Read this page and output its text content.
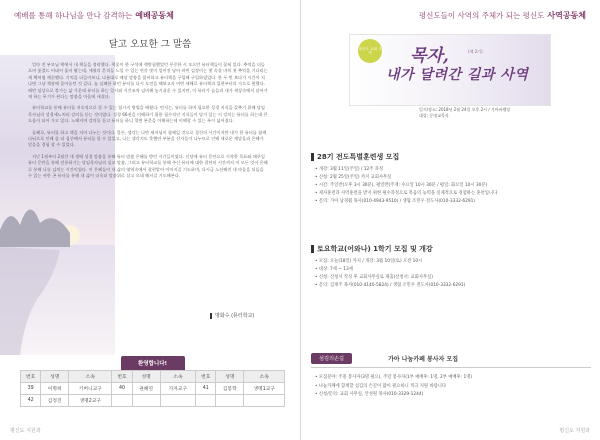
예배를 통해 하나님을 만나 감격하는 예배공동체
달고 오묘한 그 말씀

얼마 전 부모님 댁에서 내 책들을 정리했다. 책꽂이 한 구석에 책받침했었던 꾸중한 시 모으던 뮤터책들이 꽂혀 있다. 추억을 더듬으며 꽃겼드 어네어 훑어 봤는데, 세월의 흔적들 느낄 수 있는 연갓 빛이 얼어진 남아 바린 김정이는 몇 속살 마치 첫 추억을 기다리는 새 핵처럼 깨끗했다. 기억을 더듬어보니, 나름대로 매달 말씀을 읽어하고 뮤터책을 구입해 구입하였었다. 한 두 번 보다가 시간이 지나면 그냥 책장에 꽂아놓던 것 같다. 늘 실패한 하던 뮤터를 다시 도전을 해보고자 어번 새해로 뮤터책과 입편부터의 가으로 원했다. 매번 임상으로 불가는 삶 가운데 뮤터를 하는 일시와 시간조차 넘비해 놓기쉬운 수 있지만, 이 뮤터가 습들과 내가 세상속에서 살아가게 하는 무기가 된다는 말씀을 마음에 새겼다.

뮤터학교를 통해 뮤터를 지속적으로 할 수 있는 힘가지 방법을 배웠다. 먼저는, 뮤터를 하며 필요한 성경 지식을 갖추기 위해 당임목사님의 성경세느처리 강의를 듣는 것이였다. 성경 66권을 이해하기 위한 필수적인 지식들이 담겨 있는 이 강의는 뮤터를 하는데 큰 도움이 되어 가고 있다. 노해지며 강의를 듣고 뮤터를 하니 혈면 본문을 이해하는데 이해할 수 있는 폭이 넓어졌다.

둘째로, 뮤터를 하고 책을 지어 나누는 것이다. 물론, 생각는 나만 새서님이 함께일 것으로 경건의 시간이지만 내가 한 뮤터를 함께 나눠으로 인해 좀 더 집중해서 뮤터를 할 수 있었고, 나는 생각지도 못했던 부분을 신자들이 나누므로 인해 새로운 깨달음과 은혜가 얻을을 경험 할 수 있었다.

지난 1월부터 2월간 내 생에 성경 말씀을 통해 뮤터 말씀 은혜를 받던 시간들이였다. 신당에 뮤터 문란으로 시작한 목표와 매주일 뮤터 문란을 통해 전통하기는 당임목사님의 실교 말씀, 그리고 뮤터학교를 통해 주신 뮤터에 대한 결단의 시간까지 이 모든 것이 은혜로 통해 나를 넘치는 시간이였다. 이 은혜들이 내 삶의 영역속에서 잘현알어 이어지길 기도하며, 다시금 노선해진 내 마음을 되돌을 수 있는 귀한 곤 뮤터를 통해 내 삶이 더욱더 말씀위로 살고 오네 해지길 기도해본다.

명화수 (뮤터학교)
환영합니다!
번호	성명	소속	번호	성명	소속	번호	성명	소속
39	이명희	기버니교구	40	권혜연	가자교구	41	김봉학	생명1교구
42	김정진	생명2교구						
평신도 지원과
평신도들이 사역의 주체가 되는 평신도 사역공동체
평신도 교회 사역	목자,	(제 2기)
내가 달려간 길과 사역
일시/장소: 2018년 2월 24일 오후 2시 / 가아바벨당
대상: 동명교목자
28기 전도특별훈련생 모집
• 개강: 3월 11일(주일) / 12주 과정
• 신청: 2월 25일(주일) 까지 교회사무실
• 시간: 주일반(오후 3시 30분), 평일반(주재: 수요일 10시 30분 / 평일: 화요일 10시 30분)
• 제자훈련과 사역훈련을 받지 위한 필수과정으로 복음의 능력을 실제적으로 경험하는 훈련입니다
• 문의: 가아 남경월 목사(010-4943-9510) / 생협 조민우 전도사(010-3332-6291)
토요학교(어와나) 1학기 모집 및 개강
• 모집: 오늘(18일) 까지 / 개강: 3월 10일(토) 오전 10시
• 대상: 7세 ~ 13세
• 신청: 신청서 작성 후 교회사무실로 제출(신청서: 교회사무실)
• 문의: 김재주 목사(010-4140-5824) / 생협 조민우 전도사(010-3332-6291)
섬김의손길	가아 나눔카페 봉사자 모집
• 모집분야: 주중 봉사자(3명 필요), 주말 봉사자(1부 예배후: 1명, 2부 예배후: 1명)
• 나눔카페에 함께할 섬김의 손길이 많이 필요하니 적극 지원 바랍니다
• 신청/문의: 교회 사무실, 안성원 목사(010-3329-1244)
평신도 지원과
